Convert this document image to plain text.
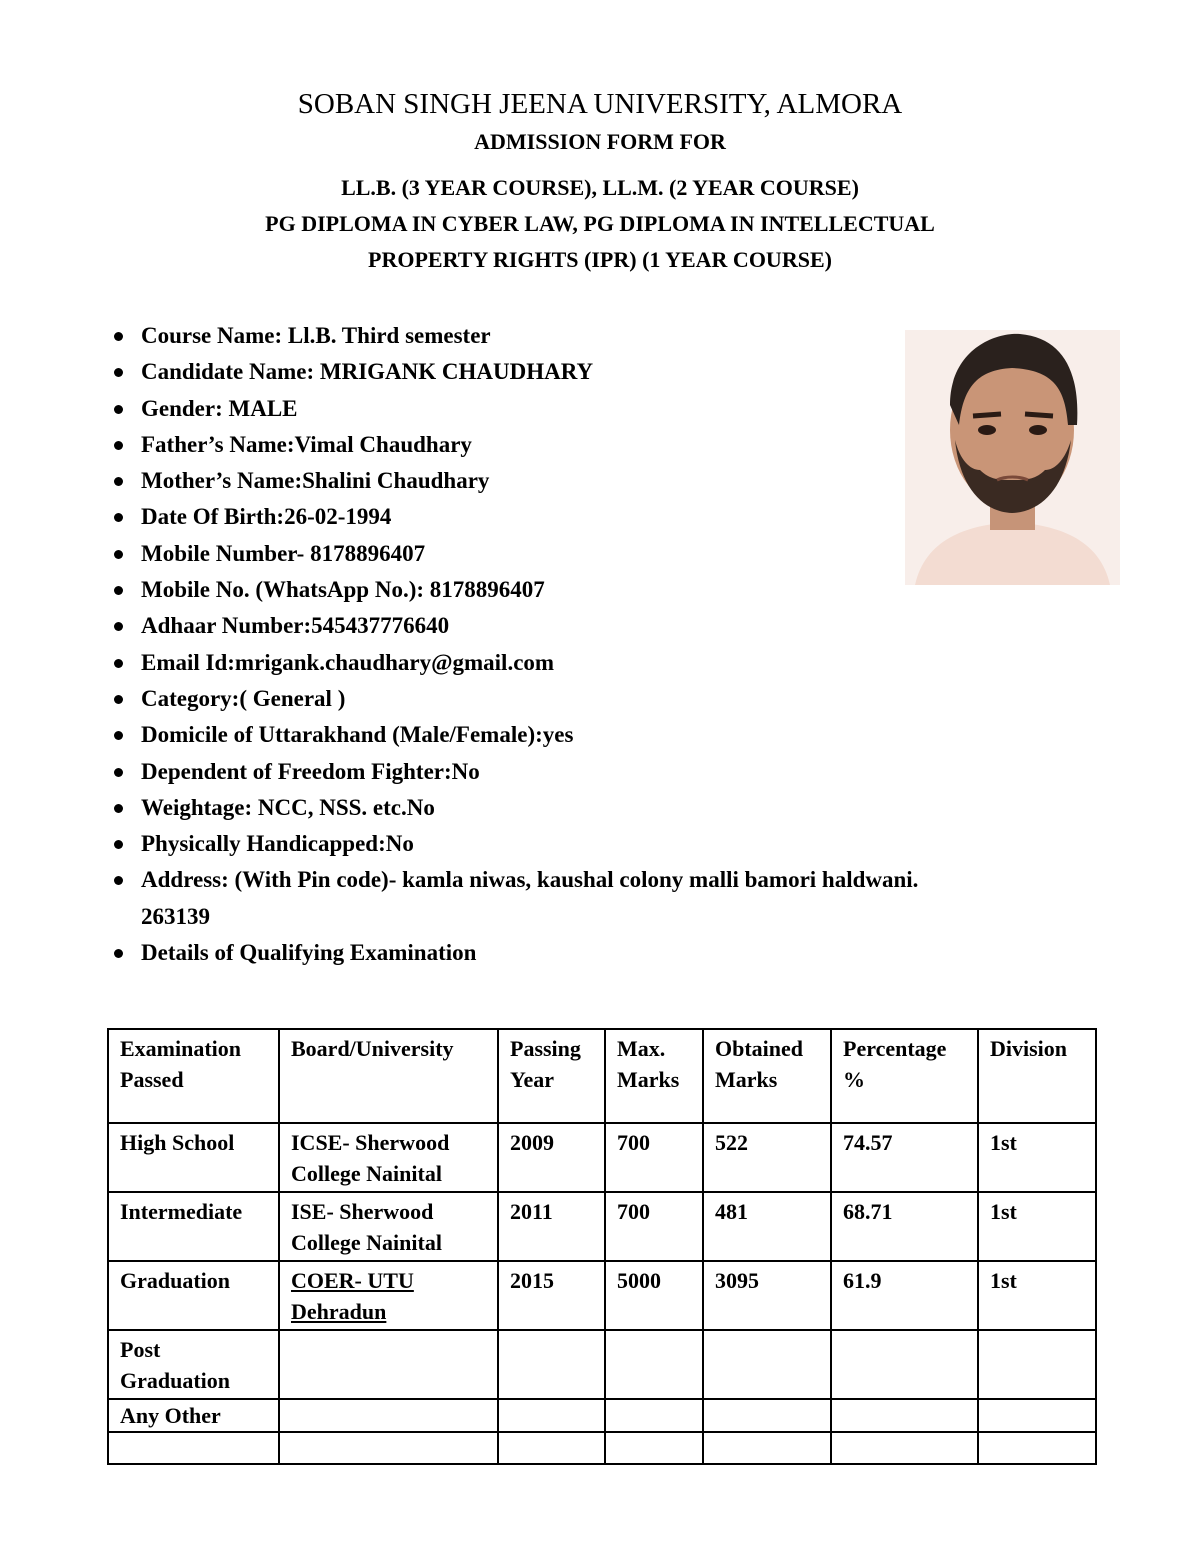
SOBAN SINGH JEENA UNIVERSITY, ALMORA
ADMISSION FORM FOR
LL.B. (3 YEAR COURSE), LL.M. (2 YEAR COURSE)
PG DIPLOMA IN CYBER LAW, PG DIPLOMA IN INTELLECTUAL
PROPERTY RIGHTS (IPR) (1 YEAR COURSE)
Course Name: Ll.B. Third semester
Candidate Name: MRIGANK CHAUDHARY
Gender: MALE
Father’s Name:Vimal Chaudhary
Mother’s Name:Shalini Chaudhary
Date Of Birth:26-02-1994
Mobile Number- 8178896407
Mobile No. (WhatsApp No.): 8178896407
Adhaar Number:545437776640
Email Id:mrigank.chaudhary@gmail.com
Category:( General )
Domicile of Uttarakhand (Male/Female):yes
Dependent of Freedom Fighter:No
Weightage: NCC, NSS. etc.No
Physically Handicapped:No
Address: (With Pin code)- kamla niwas, kaushal colony malli bamori haldwani. 263139
Details of Qualifying Examination
Examination Passed	Board/University	Passing Year	Max. Marks	Obtained Marks	Percentage %	Division
High School	ICSE- Sherwood College Nainital	2009	700	522	74.57	1st
Intermediate	ISE- Sherwood College Nainital	2011	700	481	68.71	1st
Graduation	COER- UTU Dehradun	2015	5000	3095	61.9	1st
Post Graduation						
Any Other						
